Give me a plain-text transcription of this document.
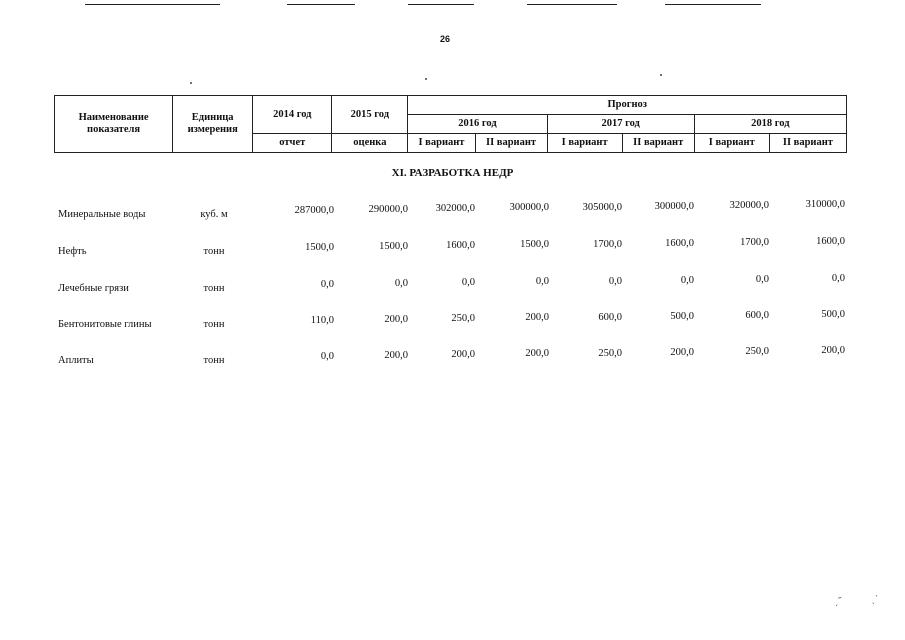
26
Наименование показателя	Единица измерения	2014 год	2015 год	Прогноз					
				2016 год		2017 год		2018 год	
		отчет	оценка	I вариант	II вариант	I вариант	II вариант	I вариант	II вариант
XI. РАЗРАБОТКА НЕДР
Минеральные воды	куб. м	287000,0	290000,0	302000,0	300000,0	305000,0	300000,0	320000,0	310000,0
Нефть	тонн	1500,0	1500,0	1600,0	1500,0	1700,0	1600,0	1700,0	1600,0
Лечебные грязи	тонн	0,0	0,0	0,0	0,0	0,0	0,0	0,0	0,0
Бентонитовые глины	тонн	110,0	200,0	250,0	200,0	600,0	500,0	600,0	500,0
Аплиты	тонн	0,0	200,0	200,0	200,0	250,0	200,0	250,0	200,0
ˏ˝	ˎˋ
